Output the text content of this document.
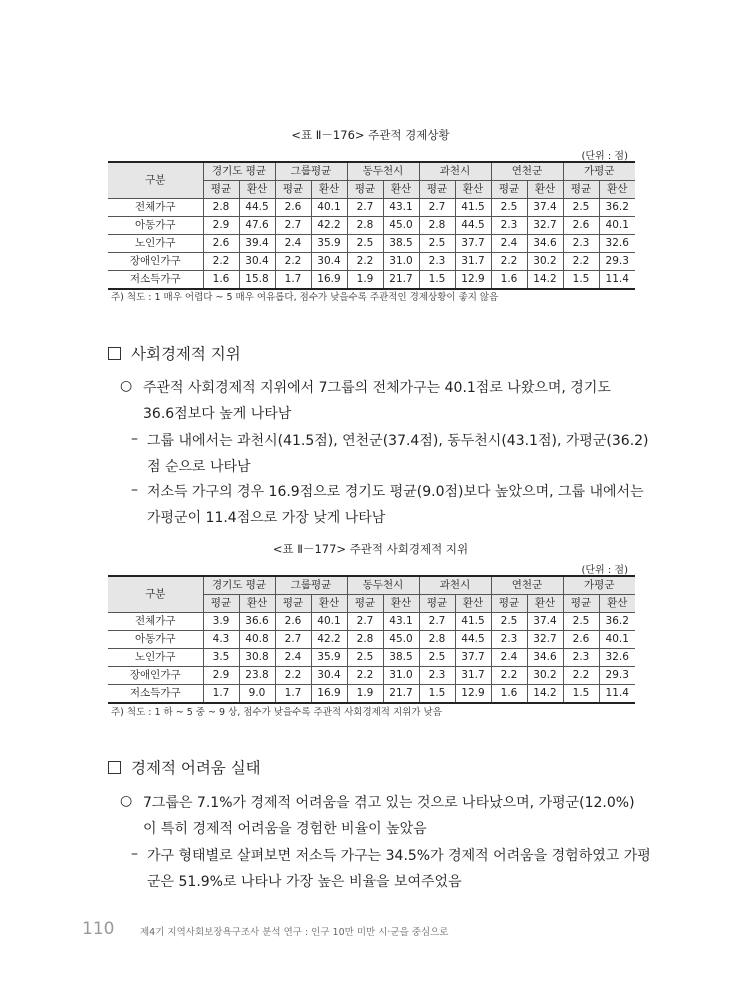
<표 Ⅱ－176> 주관적 경제상황
(단위 : 점)
구분	경기도 평균		그룹평균		동두천시		과천시		연천군		가평군	
	평균	환산	평균	환산	평균	환산	평균	환산	평균	환산	평균	환산
전체가구	2.8	44.5	2.6	40.1	2.7	43.1	2.7	41.5	2.5	37.4	2.5	36.2
아동가구	2.9	47.6	2.7	42.2	2.8	45.0	2.8	44.5	2.3	32.7	2.6	40.1
노인가구	2.6	39.4	2.4	35.9	2.5	38.5	2.5	37.7	2.4	34.6	2.3	32.6
장애인가구	2.2	30.4	2.2	30.4	2.2	31.0	2.3	31.7	2.2	30.2	2.2	29.3
저소득가구	1.6	15.8	1.7	16.9	1.9	21.7	1.5	12.9	1.6	14.2	1.5	11.4
주) 척도 : 1 매우 어렵다 ~ 5 매우 여유롭다, 점수가 낮을수록 주관적인 경제상황이 좋지 않음
사회경제적 지위
○ 주관적 사회경제적 지위에서 7그룹의 전체가구는 40.1점로 나왔으며, 경기도
36.6점보다 높게 나타남
– 그룹 내에서는 과천시(41.5점), 연천군(37.4점), 동두천시(43.1점), 가평군(36.2)
점 순으로 나타남
– 저소득 가구의 경우 16.9점으로 경기도 평균(9.0점)보다 높았으며, 그룹 내에서는
가평군이 11.4점으로 가장 낮게 나타남
<표 Ⅱ－177> 주관적 사회경제적 지위
(단위 : 점)
구분	경기도 평균		그룹평균		동두천시		과천시		연천군		가평군	
	평균	환산	평균	환산	평균	환산	평균	환산	평균	환산	평균	환산
전체가구	3.9	36.6	2.6	40.1	2.7	43.1	2.7	41.5	2.5	37.4	2.5	36.2
아동가구	4.3	40.8	2.7	42.2	2.8	45.0	2.8	44.5	2.3	32.7	2.6	40.1
노인가구	3.5	30.8	2.4	35.9	2.5	38.5	2.5	37.7	2.4	34.6	2.3	32.6
장애인가구	2.9	23.8	2.2	30.4	2.2	31.0	2.3	31.7	2.2	30.2	2.2	29.3
저소득가구	1.7	9.0	1.7	16.9	1.9	21.7	1.5	12.9	1.6	14.2	1.5	11.4
주) 척도 : 1 하 ~ 5 중 ~ 9 상, 점수가 낮을수록 주관적 사회경제적 지위가 낮음
경제적 어려움 실태
○ 7그룹은 7.1%가 경제적 어려움을 겪고 있는 것으로 나타났으며, 가평군(12.0%)
이 특히 경제적 어려움을 경험한 비율이 높았음
– 가구 형태별로 살펴보면 저소득 가구는 34.5%가 경제적 어려움을 경험하였고 가평
군은 51.9%로 나타나 가장 높은 비율을 보여주었음
110	제4기 지역사회보장욕구조사 분석 연구 : 인구 10만 미만 시·군을 중심으로
